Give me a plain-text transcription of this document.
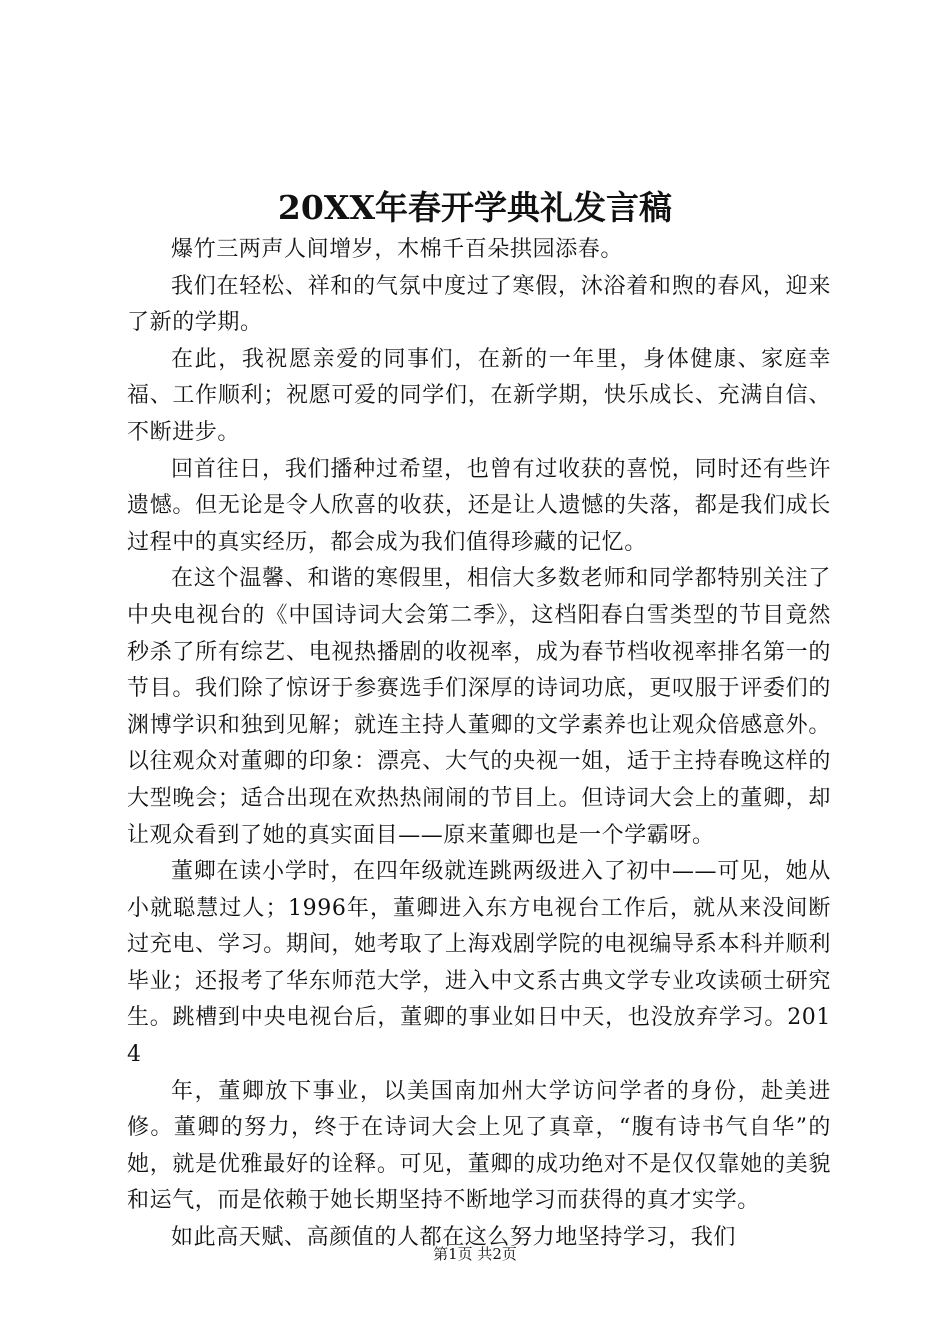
20XX年春开学典礼发言稿

爆竹三两声人间增岁，木棉千百朵拱园添春。

我们在轻松、祥和的气氛中度过了寒假，沐浴着和煦的春风，迎来了新的学期。

在此，我祝愿亲爱的同事们，在新的一年里，身体健康、家庭幸福、工作顺利；祝愿可爱的同学们，在新学期，快乐成长、充满自信、不断进步。

回首往日，我们播种过希望，也曾有过收获的喜悦，同时还有些许遗憾。但无论是令人欣喜的收获，还是让人遗憾的失落，都是我们成长过程中的真实经历，都会成为我们值得珍藏的记忆。

在这个温馨、和谐的寒假里，相信大多数老师和同学都特别关注了中央电视台的《中国诗词大会第二季》，这档阳春白雪类型的节目竟然秒杀了所有综艺、电视热播剧的收视率，成为春节档收视率排名第一的节目。我们除了惊讶于参赛选手们深厚的诗词功底，更叹服于评委们的渊博学识和独到见解；就连主持人董卿的文学素养也让观众倍感意外。以往观众对董卿的印象：漂亮、大气的央视一姐，适于主持春晚这样的大型晚会；适合出现在欢热热闹闹的节目上。但诗词大会上的董卿，却让观众看到了她的真实面目——原来董卿也是一个学霸呀。

董卿在读小学时，在四年级就连跳两级进入了初中——可见，她从小就聪慧过人；1996年，董卿进入东方电视台工作后，就从来没间断过充电、学习。期间，她考取了上海戏剧学院的电视编导系本科并顺利毕业；还报考了华东师范大学，进入中文系古典文学专业攻读硕士研究生。跳槽到中央电视台后，董卿的事业如日中天，也没放弃学习。2014

年，董卿放下事业，以美国南加州大学访问学者的身份，赴美进修。董卿的努力，终于在诗词大会上见了真章，“腹有诗书气自华”的她，就是优雅最好的诠释。可见，董卿的成功绝对不是仅仅靠她的美貌和运气，而是依赖于她长期坚持不断地学习而获得的真才实学。

如此高天赋、高颜值的人都在这么努力地坚持学习，我们

第1页 共2页
